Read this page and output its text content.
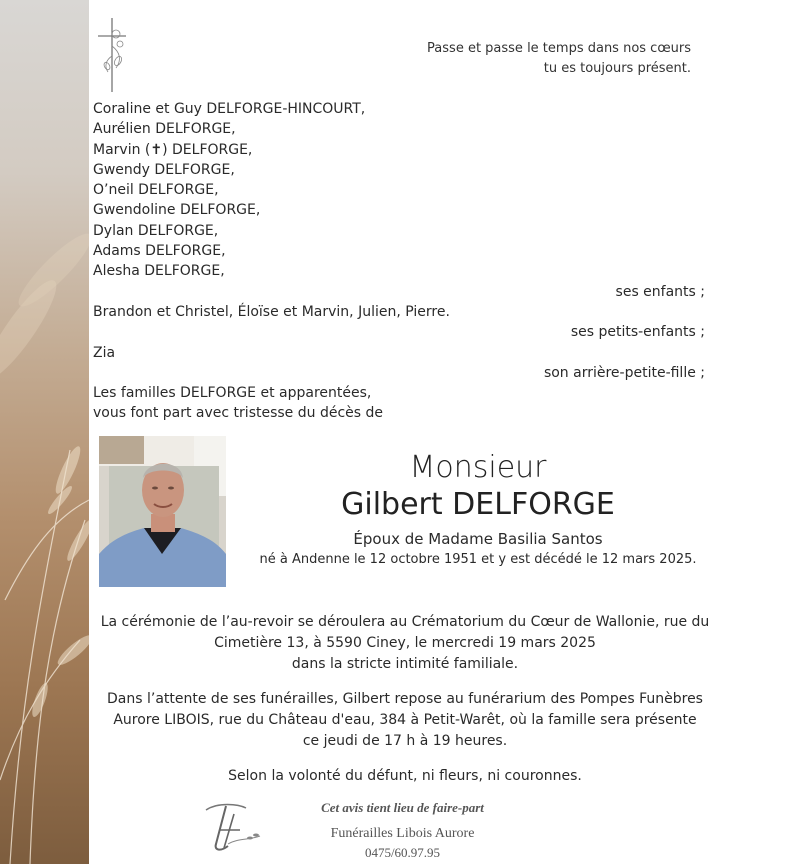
Passe et passe le temps dans nos cœurs
tu es toujours présent.
Coraline et Guy DELFORGE-HINCOURT,
Aurélien DELFORGE,
Marvin (✝) DELFORGE,
Gwendy DELFORGE,
O’neil DELFORGE,
Gwendoline DELFORGE,
Dylan DELFORGE,
Adams DELFORGE,
Alesha DELFORGE,
ses enfants ;
Brandon et Christel, Éloïse et Marvin, Julien, Pierre.
ses petits-enfants ;
Zia
son arrière-petite-fille ;
Les familles DELFORGE et apparentées,
vous font part avec tristesse du décès de
Monsieur
Gilbert DELFORGE
Époux de Madame Basilia Santos
né à Andenne le 12 octobre 1951 et y est décédé le 12 mars 2025.
La cérémonie de l’au-revoir se déroulera au Crématorium du Cœur de Wallonie, rue du
Cimetière 13, à 5590 Ciney, le mercredi 19 mars 2025
dans la stricte intimité familiale.
Dans l’attente de ses funérailles, Gilbert repose au funérarium des Pompes Funèbres
Aurore LIBOIS, rue du Château d'eau, 384 à Petit-Warêt, où la famille sera présente
ce jeudi de 17 h à 19 heures.
Selon la volonté du défunt, ni fleurs, ni couronnes.
Cet avis tient lieu de faire-part
Funérailles Libois Aurore
0475/60.97.95
